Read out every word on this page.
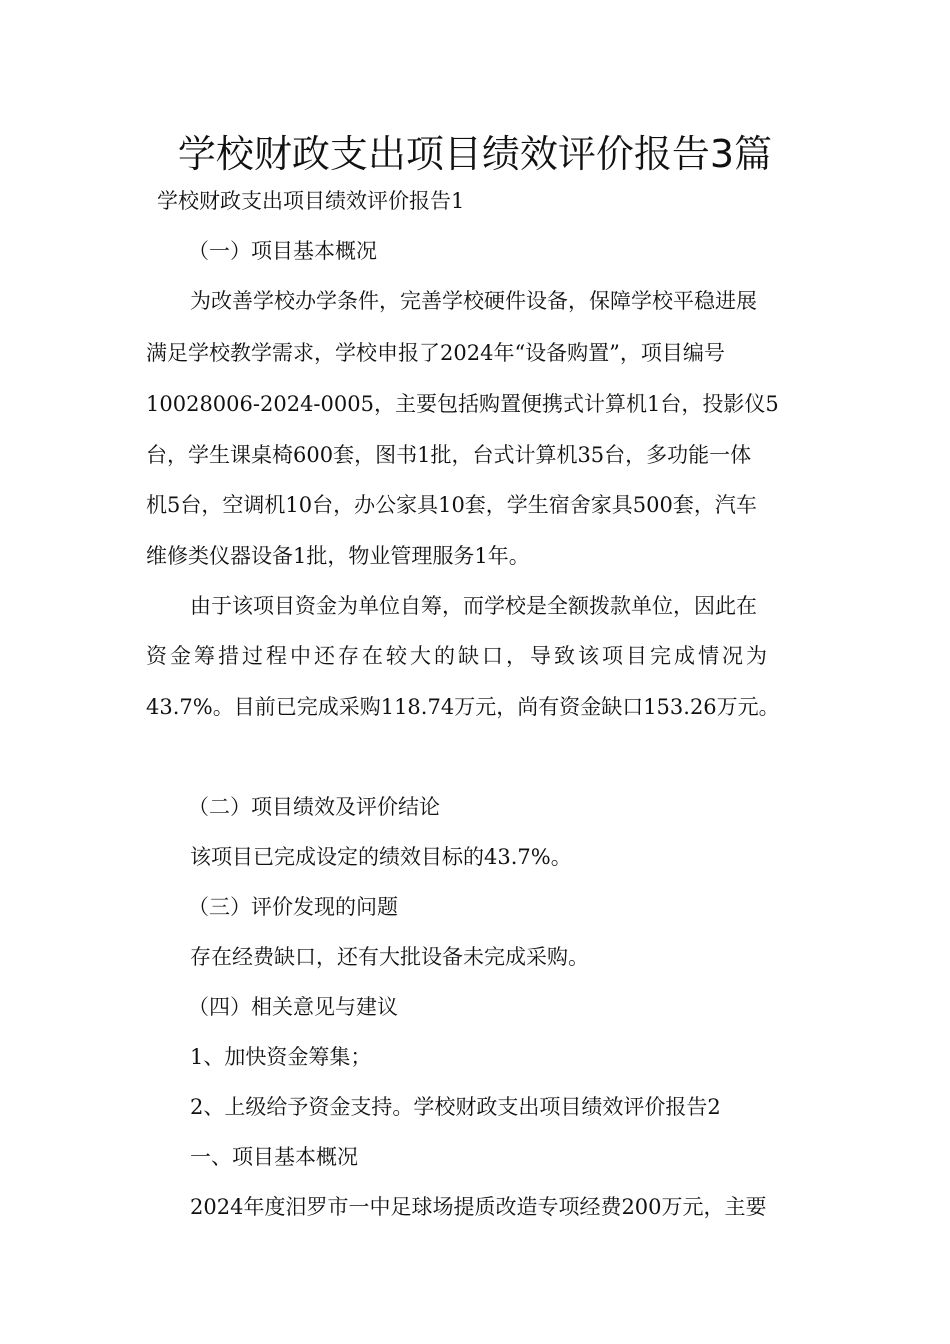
学校财政支出项目绩效评价报告3篇

学校财政支出项目绩效评价报告1

（一）项目基本概况

为改善学校办学条件，完善学校硬件设备，保障学校平稳进展

满足学校教学需求，学校申报了2024年“设备购置”，项目编号

10028006-2024-0005，主要包括购置便携式计算机1台，投影仪5

台，学生课桌椅600套，图书1批，台式计算机35台，多功能一体

机5台，空调机10台，办公家具10套，学生宿舍家具500套，汽车

维修类仪器设备1批，物业管理服务1年。

由于该项目资金为单位自筹，而学校是全额拨款单位，因此在

资金筹措过程中还存在较大的缺口，导致该项目完成情况为

43.7%。目前已完成采购118.74万元，尚有资金缺口153.26万元。

（二）项目绩效及评价结论

该项目已完成设定的绩效目标的43.7%。

（三）评价发现的问题

存在经费缺口，还有大批设备未完成采购。

（四）相关意见与建议

1、加快资金筹集；

2、上级给予资金支持。学校财政支出项目绩效评价报告2

一、项目基本概况

2024年度汨罗市一中足球场提质改造专项经费200万元，主要
